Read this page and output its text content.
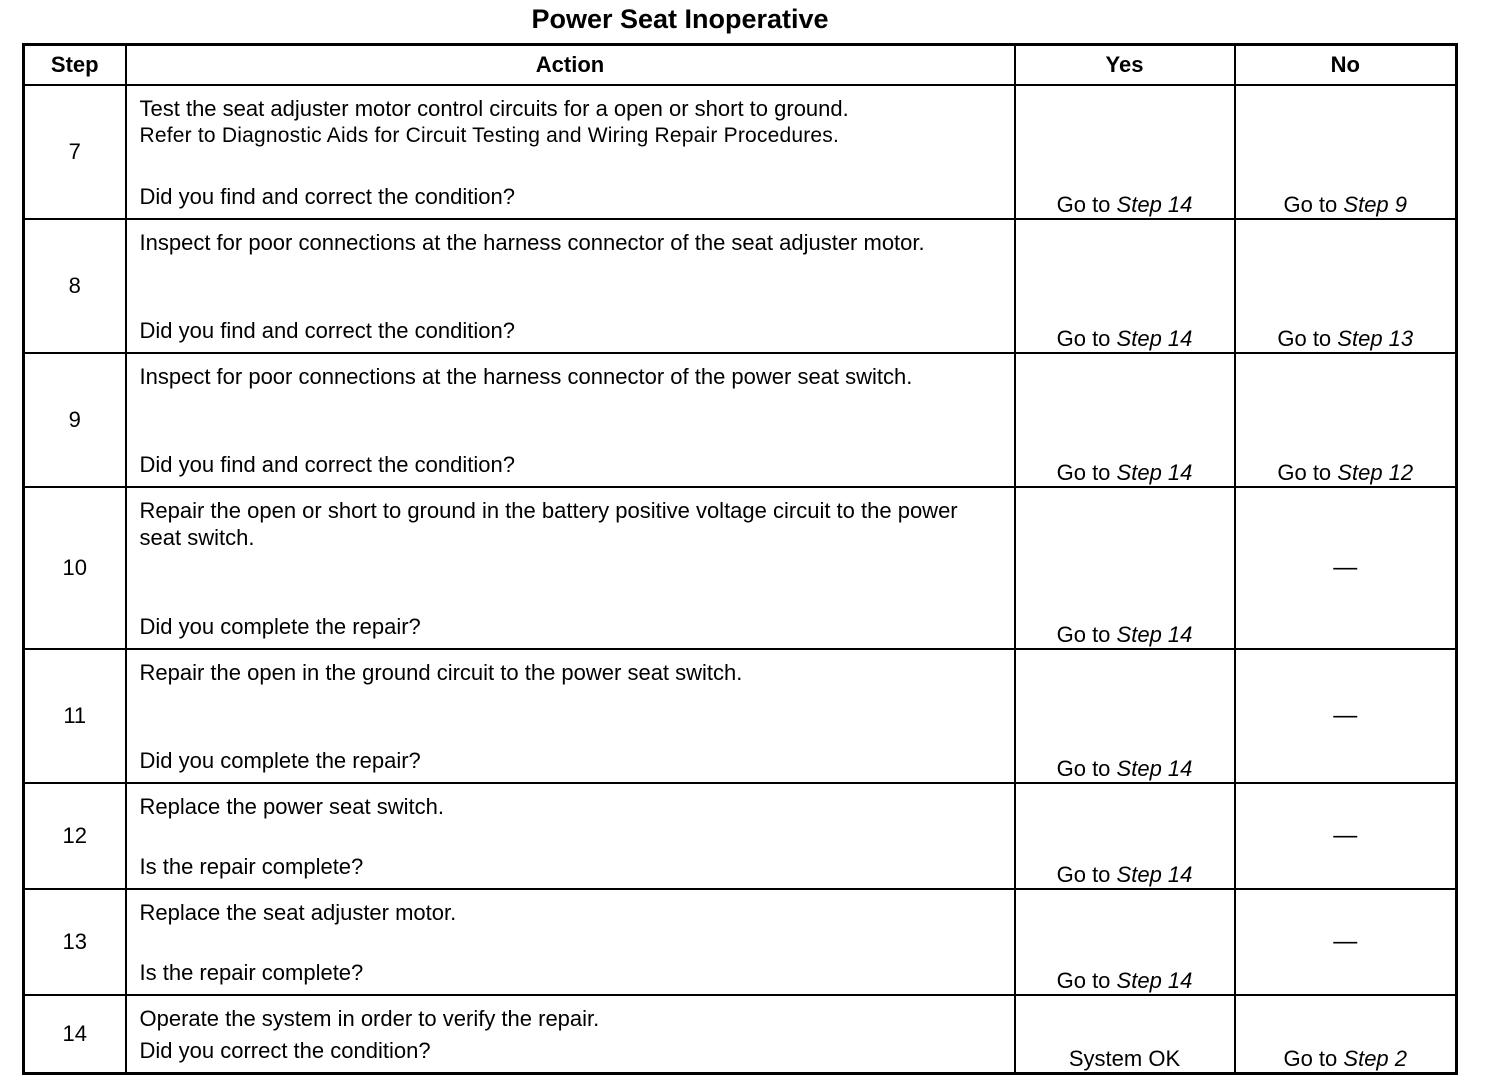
Power Seat Inoperative
Step	Action	Yes	No
7	Test the seat adjuster motor control circuits for a open or short to ground.
Refer to Diagnostic Aids for Circuit Testing and Wiring Repair Procedures.
Did you find and correct the condition?	Go to Step 14	Go to Step 9
8	Inspect for poor connections at the harness connector of the seat adjuster motor.
Did you find and correct the condition?	Go to Step 14	Go to Step 13
9	Inspect for poor connections at the harness connector of the power seat switch.
Did you find and correct the condition?	Go to Step 14	Go to Step 12
10	Repair the open or short to ground in the battery positive voltage circuit to the power seat switch.
Did you complete the repair?	Go to Step 14	—
11	Repair the open in the ground circuit to the power seat switch.
Did you complete the repair?	Go to Step 14	—
12	Replace the power seat switch.
Is the repair complete?	Go to Step 14	—
13	Replace the seat adjuster motor.
Is the repair complete?	Go to Step 14	—
14	Operate the system in order to verify the repair.
Did you correct the condition?	System OK	Go to Step 2
